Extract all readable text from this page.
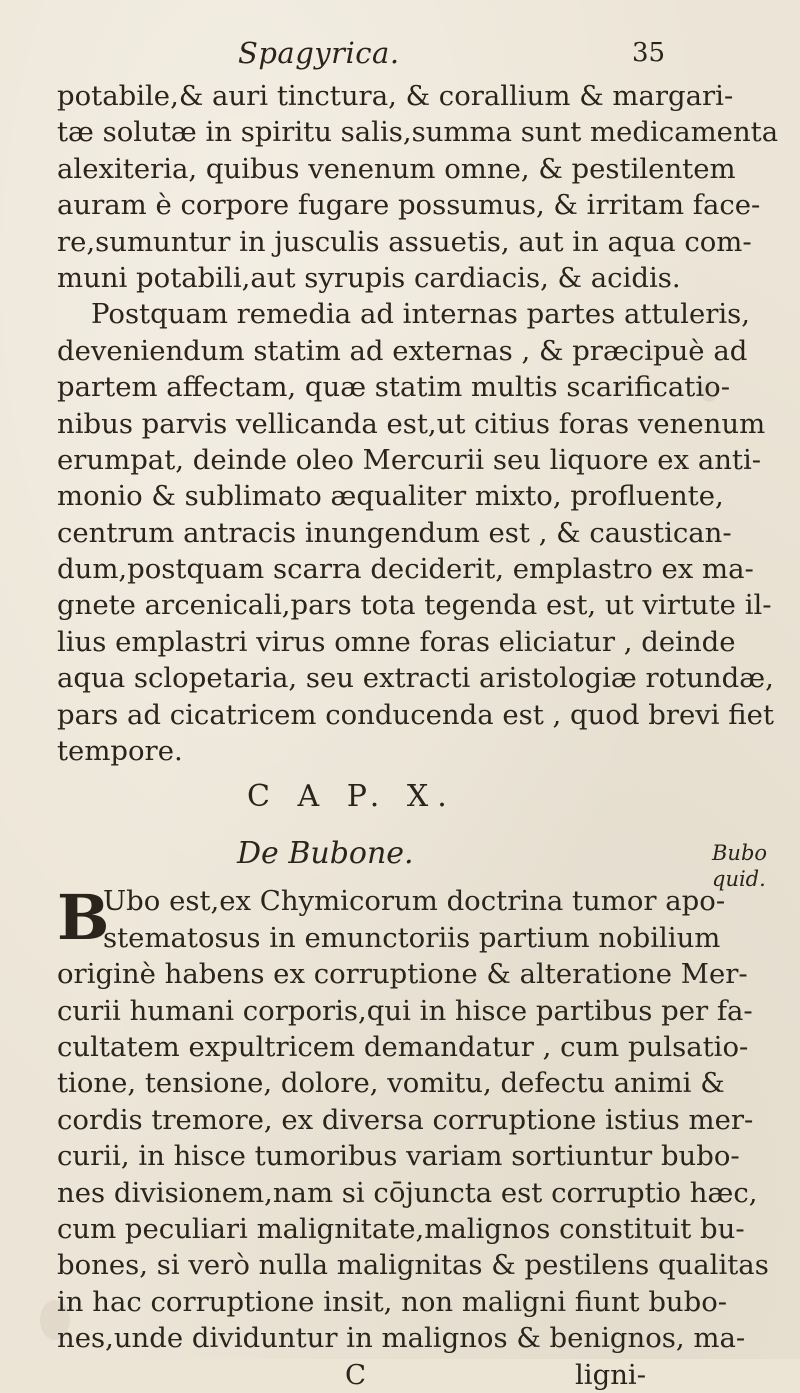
Spagyrica.	35
potabile,& auri tinctura, & corallium & margari-
tæ solutæ in spiritu salis,summa sunt medicamenta
alexiteria, quibus venenum omne, & pestilentem
auram è corpore fugare possumus, & irritam face-
re,sumuntur in jusculis assuetis, aut in aqua com-
muni potabili,aut syrupis cardiacis, & acidis.
Postquam remedia ad internas partes attuleris,
deveniendum statim ad externas , & præcipuè ad
partem affectam, quæ statim multis scarificatio-
nibus parvis vellicanda est,ut citius foras venenum
erumpat, deinde oleo Mercurii seu liquore ex anti-
monio & sublimato æqualiter mixto, profluente,
centrum antracis inungendum est , & caustican-
dum,postquam scarra deciderit, emplastro ex ma-
gnete arcenicali,pars tota tegenda est, ut virtute il-
lius emplastri virus omne foras eliciatur , deinde
aqua sclopetaria, seu extracti aristologiæ rotundæ,
pars ad cicatricem conducenda est , quod brevi fiet
tempore.
C A P. X.
De Bubone.
B
Ubo est,ex Chymicorum doctrina tumor apo-
stematosus in emunctoriis partium nobilium
originè habens ex corruptione & alteratione Mer-
curii humani corporis,qui in hisce partibus per fa-
cultatem expultricem demandatur , cum pulsatio-
tione, tensione, dolore, vomitu, defectu animi &
cordis tremore, ex diversa corruptione istius mer-
curii, in hisce tumoribus variam sortiuntur bubo-
nes divisionem,nam si cōjuncta est corruptio hæc,
cum peculiari malignitate,malignos constituit bu-
bones, si verò nulla malignitas & pestilens qualitas
in hac corruptione insit, non maligni fiunt bubo-
nes,unde dividuntur in malignos & benignos, ma-
C	ligni-
Bubo
quid.
